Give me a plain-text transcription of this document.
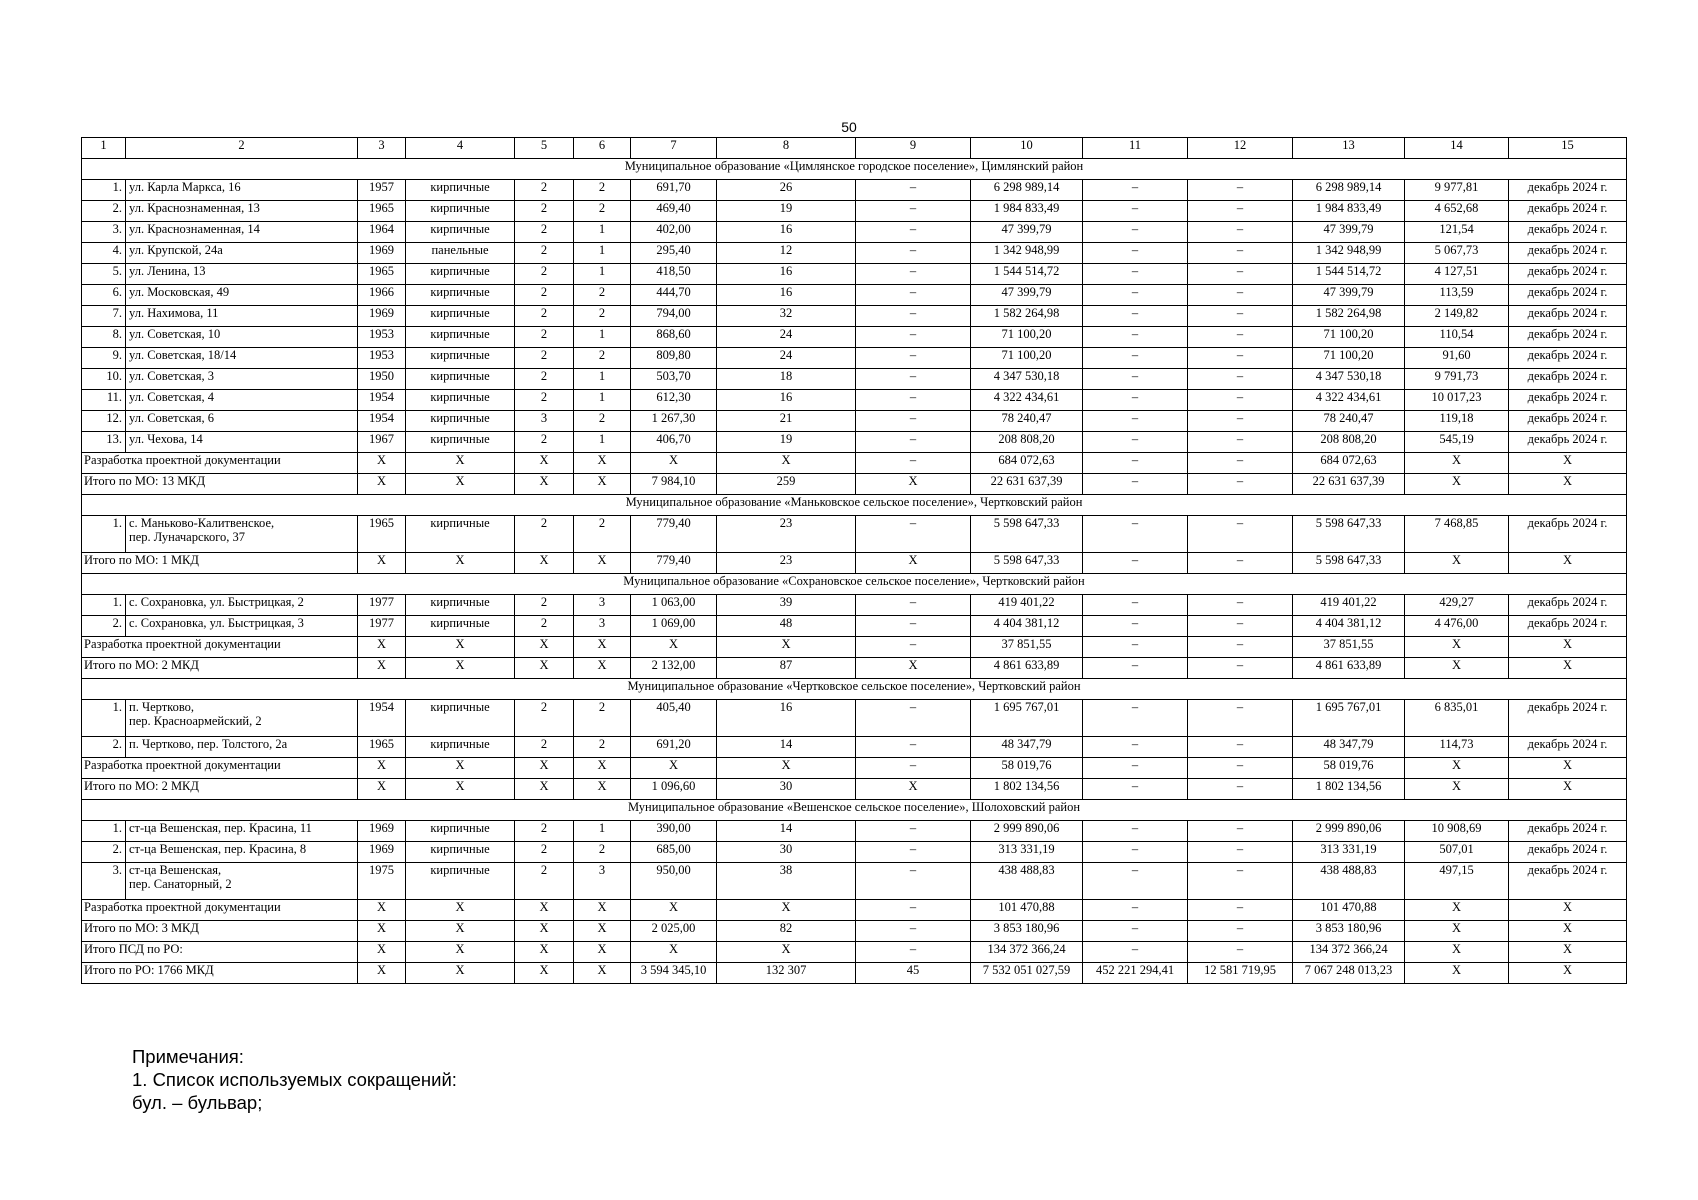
50
1	2	3	4	5	6	7	8	9	10	11	12	13	14	15
Муниципальное образование «Цимлянское городское поселение», Цимлянский район														
1.	ул. Карла Маркса, 16	1957	кирпичные	2	2	691,70	26	–	6 298 989,14	–	–	6 298 989,14	9 977,81	декабрь 2024 г.
2.	ул. Краснознаменная, 13	1965	кирпичные	2	2	469,40	19	–	1 984 833,49	–	–	1 984 833,49	4 652,68	декабрь 2024 г.
3.	ул. Краснознаменная, 14	1964	кирпичные	2	1	402,00	16	–	47 399,79	–	–	47 399,79	121,54	декабрь 2024 г.
4.	ул. Крупской, 24а	1969	панельные	2	1	295,40	12	–	1 342 948,99	–	–	1 342 948,99	5 067,73	декабрь 2024 г.
5.	ул. Ленина, 13	1965	кирпичные	2	1	418,50	16	–	1 544 514,72	–	–	1 544 514,72	4 127,51	декабрь 2024 г.
6.	ул. Московская, 49	1966	кирпичные	2	2	444,70	16	–	47 399,79	–	–	47 399,79	113,59	декабрь 2024 г.
7.	ул. Нахимова, 11	1969	кирпичные	2	2	794,00	32	–	1 582 264,98	–	–	1 582 264,98	2 149,82	декабрь 2024 г.
8.	ул. Советская, 10	1953	кирпичные	2	1	868,60	24	–	71 100,20	–	–	71 100,20	110,54	декабрь 2024 г.
9.	ул. Советская, 18/14	1953	кирпичные	2	2	809,80	24	–	71 100,20	–	–	71 100,20	91,60	декабрь 2024 г.
10.	ул. Советская, 3	1950	кирпичные	2	1	503,70	18	–	4 347 530,18	–	–	4 347 530,18	9 791,73	декабрь 2024 г.
11.	ул. Советская, 4	1954	кирпичные	2	1	612,30	16	–	4 322 434,61	–	–	4 322 434,61	10 017,23	декабрь 2024 г.
12.	ул. Советская, 6	1954	кирпичные	3	2	1 267,30	21	–	78 240,47	–	–	78 240,47	119,18	декабрь 2024 г.
13.	ул. Чехова, 14	1967	кирпичные	2	1	406,70	19	–	208 808,20	–	–	208 808,20	545,19	декабрь 2024 г.
Разработка проектной документации		Х	Х	Х	Х	Х	Х	–	684 072,63	–	–	684 072,63	Х	Х
Итого по МО: 13 МКД		Х	Х	Х	Х	7 984,10	259	Х	22 631 637,39	–	–	22 631 637,39	Х	Х
Муниципальное образование «Маньковское сельское поселение», Чертковский район														
1.	с. Маньково-Калитвенское,
пер. Луначарского, 37	1965	кирпичные	2	2	779,40	23	–	5 598 647,33	–	–	5 598 647,33	7 468,85	декабрь 2024 г.
Итого по МО: 1 МКД		Х	Х	Х	Х	779,40	23	Х	5 598 647,33	–	–	5 598 647,33	Х	Х
Муниципальное образование «Сохрановское сельское поселение», Чертковский район														
1.	с. Сохрановка, ул. Быстрицкая, 2	1977	кирпичные	2	3	1 063,00	39	–	419 401,22	–	–	419 401,22	429,27	декабрь 2024 г.
2.	с. Сохрановка, ул. Быстрицкая, 3	1977	кирпичные	2	3	1 069,00	48	–	4 404 381,12	–	–	4 404 381,12	4 476,00	декабрь 2024 г.
Разработка проектной документации		Х	Х	Х	Х	Х	Х	–	37 851,55	–	–	37 851,55	Х	Х
Итого по МО: 2 МКД		Х	Х	Х	Х	2 132,00	87	Х	4 861 633,89	–	–	4 861 633,89	Х	Х
Муниципальное образование «Чертковское сельское поселение», Чертковский район														
1.	п. Чертково,
пер. Красноармейский, 2	1954	кирпичные	2	2	405,40	16	–	1 695 767,01	–	–	1 695 767,01	6 835,01	декабрь 2024 г.
2.	п. Чертково, пер. Толстого, 2а	1965	кирпичные	2	2	691,20	14	–	48 347,79	–	–	48 347,79	114,73	декабрь 2024 г.
Разработка проектной документации		Х	Х	Х	Х	Х	Х	–	58 019,76	–	–	58 019,76	Х	Х
Итого по МО: 2 МКД		Х	Х	Х	Х	1 096,60	30	Х	1 802 134,56	–	–	1 802 134,56	Х	Х
Муниципальное образование «Вешенское сельское поселение», Шолоховский район														
1.	ст-ца Вешенская, пер. Красина, 11	1969	кирпичные	2	1	390,00	14	–	2 999 890,06	–	–	2 999 890,06	10 908,69	декабрь 2024 г.
2.	ст-ца Вешенская, пер. Красина, 8	1969	кирпичные	2	2	685,00	30	–	313 331,19	–	–	313 331,19	507,01	декабрь 2024 г.
3.	ст-ца Вешенская,
пер. Санаторный, 2	1975	кирпичные	2	3	950,00	38	–	438 488,83	–	–	438 488,83	497,15	декабрь 2024 г.
Разработка проектной документации		Х	Х	Х	Х	Х	Х	–	101 470,88	–	–	101 470,88	Х	Х
Итого по МО: 3 МКД		Х	Х	Х	Х	2 025,00	82	–	3 853 180,96	–	–	3 853 180,96	Х	Х
Итого ПСД по РО:		Х	Х	Х	Х	Х	Х	–	134 372 366,24	–	–	134 372 366,24	Х	Х
Итого по РО: 1766 МКД		Х	Х	Х	Х	3 594 345,10	132 307	45	7 532 051 027,59	452 221 294,41	12 581 719,95	7 067 248 013,23	Х	Х
Примечания:
1. Список используемых сокращений:
бул. – бульвар;
